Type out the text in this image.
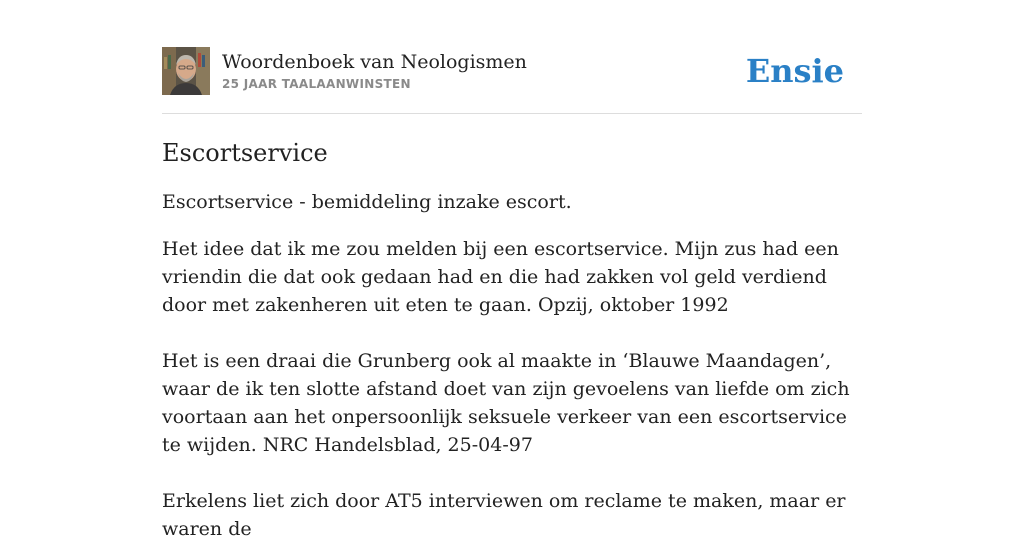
Woordenboek van Neologismen
25 JAAR TAALAANWINSTEN	Ensie
Escortservice

Escortservice - bemiddeling inzake escort.

Het idee dat ik me zou melden bij een escortservice. Mijn zus had een vriendin die dat ook gedaan had en die had zakken vol geld verdiend door met zakenheren uit eten te gaan. Opzij, oktober 1992

Het is een draai die Grunberg ook al maakte in ‘Blauwe Maandagen’, waar de ik ten slotte afstand doet van zijn gevoelens van liefde om zich voortaan aan het onpersoonlijk seksuele verkeer van een escortservice te wijden. NRC Handelsblad, 25-04-97

Erkelens liet zich door AT5 interviewen om reclame te maken, maar er waren de
